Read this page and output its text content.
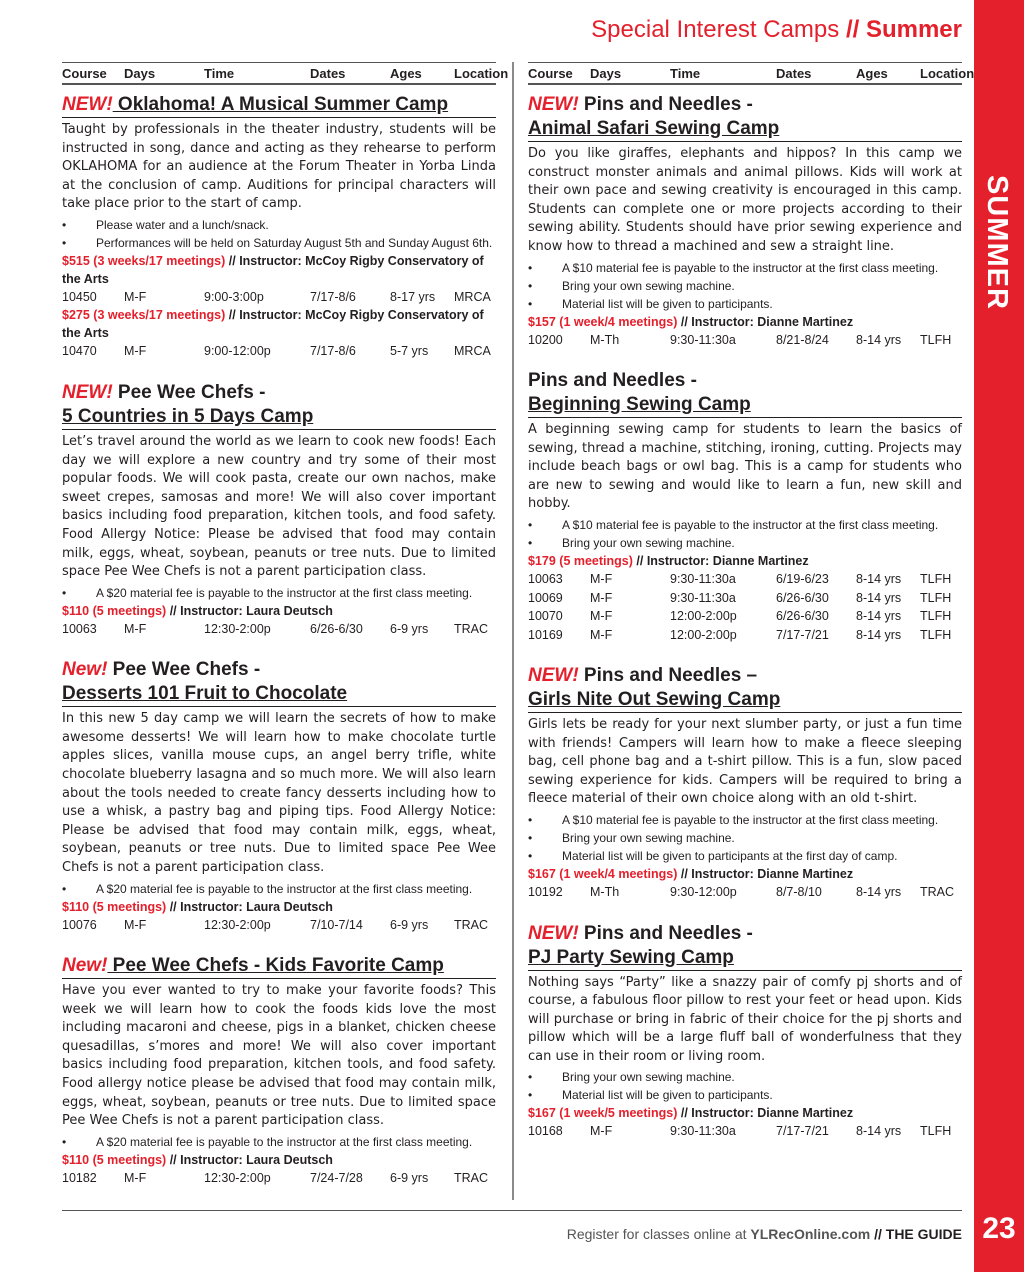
Special Interest Camps // Summer
SUMMER
23
Course	Days	Time	Dates	Ages	Location
NEW! Oklahoma! A Musical Summer Camp
Taught by professionals in the theater industry, students will be instructed in song, dance and acting as they rehearse to perform OKLAHOMA for an audience at the Forum Theater in Yorba Linda at the conclusion of camp. Auditions for principal characters will take place prior to the start of camp.
•	Please water and a lunch/snack.
•	Performances will be held on Saturday August 5th and Sunday August 6th.
$515 (3 weeks/17 meetings) // Instructor: McCoy Rigby Conservatory of the Arts
10450	M-F	9:00-3:00p	7/17-8/6	8-17 yrs	MRCA
$275 (3 weeks/17 meetings) // Instructor: McCoy Rigby Conservatory of the Arts
10470	M-F	9:00-12:00p	7/17-8/6	5-7 yrs	MRCA
NEW! Pee Wee Chefs -
5 Countries in 5 Days Camp
Let’s travel around the world as we learn to cook new foods! Each day we will explore a new country and try some of their most popular foods. We will cook pasta, create our own nachos, make sweet crepes, samosas and more! We will also cover important basics including food preparation, kitchen tools, and food safety. Food Allergy Notice: Please be advised that food may contain milk, eggs, wheat, soybean, peanuts or tree nuts. Due to limited space Pee Wee Chefs is not a parent participation class.
•	A $20 material fee is payable to the instructor at the first class meeting.
$110 (5 meetings) // Instructor: Laura Deutsch
10063	M-F	12:30-2:00p	6/26-6/30	6-9 yrs	TRAC
New! Pee Wee Chefs -
Desserts 101 Fruit to Chocolate
In this new 5 day camp we will learn the secrets of how to make awesome desserts! We will learn how to make chocolate turtle apples slices, vanilla mouse cups, an angel berry trifle, white chocolate blueberry lasagna and so much more. We will also learn about the tools needed to create fancy desserts including how to use a whisk, a pastry bag and piping tips. Food Allergy Notice: Please be advised that food may contain milk, eggs, wheat, soybean, peanuts or tree nuts. Due to limited space Pee Wee Chefs is not a parent participation class.
•	A $20 material fee is payable to the instructor at the first class meeting.
$110 (5 meetings) // Instructor: Laura Deutsch
10076	M-F	12:30-2:00p	7/10-7/14	6-9 yrs	TRAC
New! Pee Wee Chefs - Kids Favorite Camp
Have you ever wanted to try to make your favorite foods? This week we will learn how to cook the foods kids love the most including macaroni and cheese, pigs in a blanket, chicken cheese quesadillas, s’mores and more! We will also cover important basics including food preparation, kitchen tools, and food safety. Food allergy notice please be advised that food may contain milk, eggs, wheat, soybean, peanuts or tree nuts. Due to limited space Pee Wee Chefs is not a parent participation class.
•	A $20 material fee is payable to the instructor at the first class meeting.
$110 (5 meetings) // Instructor: Laura Deutsch
10182	M-F	12:30-2:00p	7/24-7/28	6-9 yrs	TRAC
Course	Days	Time	Dates	Ages	Location
NEW! Pins and Needles -
Animal Safari Sewing Camp
Do you like giraffes, elephants and hippos? In this camp we construct monster animals and animal pillows. Kids will work at their own pace and sewing creativity is encouraged in this camp. Students can complete one or more projects according to their sewing ability. Students should have prior sewing experience and know how to thread a machined and sew a straight line.
•	A $10 material fee is payable to the instructor at the first class meeting.
•	Bring your own sewing machine.
•	Material list will be given to participants.
$157 (1 week/4 meetings) // Instructor: Dianne Martinez
10200	M-Th	9:30-11:30a	8/21-8/24	8-14 yrs	TLFH
Pins and Needles -
Beginning Sewing Camp
A beginning sewing camp for students to learn the basics of sewing, thread a machine, stitching, ironing, cutting. Projects may include beach bags or owl bag. This is a camp for students who are new to sewing and would like to learn a fun, new skill and hobby.
•	A $10 material fee is payable to the instructor at the first class meeting.
•	Bring your own sewing machine.
$179 (5 meetings) // Instructor: Dianne Martinez
10063	M-F	9:30-11:30a	6/19-6/23	8-14 yrs	TLFH
10069	M-F	9:30-11:30a	6/26-6/30	8-14 yrs	TLFH
10070	M-F	12:00-2:00p	6/26-6/30	8-14 yrs	TLFH
10169	M-F	12:00-2:00p	7/17-7/21	8-14 yrs	TLFH
NEW! Pins and Needles –
Girls Nite Out Sewing Camp
Girls lets be ready for your next slumber party, or just a fun time with friends! Campers will learn how to make a fleece sleeping bag, cell phone bag and a t-shirt pillow. This is a fun, slow paced sewing experience for kids. Campers will be required to bring a fleece material of their own choice along with an old t-shirt.
•	A $10 material fee is payable to the instructor at the first class meeting.
•	Bring your own sewing machine.
•	Material list will be given to participants at the first day of camp.
$167 (1 week/4 meetings) // Instructor: Dianne Martinez
10192	M-Th	9:30-12:00p	8/7-8/10	8-14 yrs	TRAC
NEW! Pins and Needles -
PJ Party Sewing Camp
Nothing says “Party” like a snazzy pair of comfy pj shorts and of course, a fabulous floor pillow to rest your feet or head upon. Kids will purchase or bring in fabric of their choice for the pj shorts and pillow which will be a large fluff ball of wonderfulness that they can use in their room or living room.
•	Bring your own sewing machine.
•	Material list will be given to participants.
$167 (1 week/5 meetings) // Instructor: Dianne Martinez
10168	M-F	9:30-11:30a	7/17-7/21	8-14 yrs	TLFH
Register for classes online at YLRecOnline.com // THE GUIDE
